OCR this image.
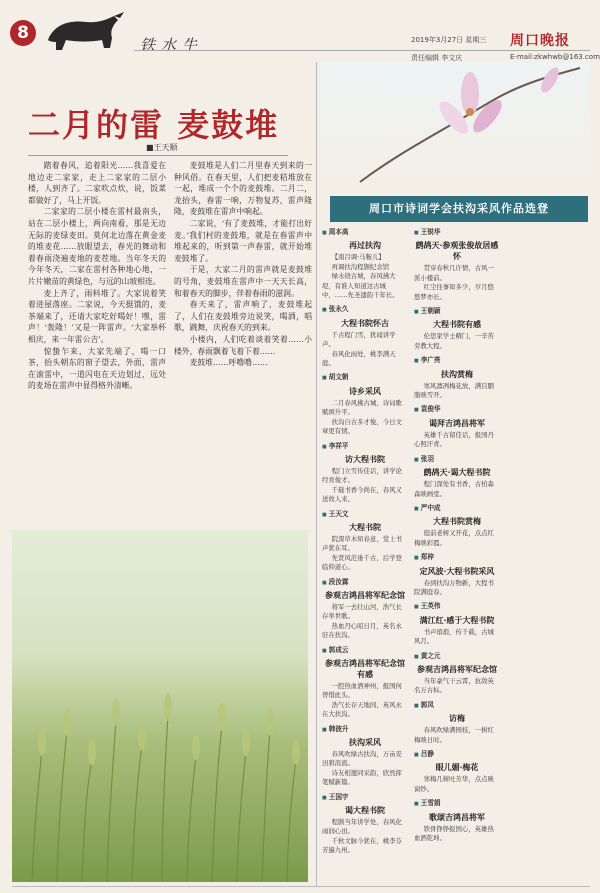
8
铁水牛	2019年3月27日 星期三 周口晚报
责任编辑 李文庆	E-mail:zkwhwb@163.com
二月的雷 麦鼓堆
■王天顺

踏着春风，追着阳光……我喜爱在地边走二家家，走上二家家的二层小楼，人到齐了。二家吹点炊，说，饭菜都做好了，马上开饭。

二家家的二层小楼在雷村最南头，站在二层小楼上，两向南看，那是无边无际的麦绿麦田。莫何北边落在黄金麦的堆麦花……放眼望去，春光的舞动和着春雨浇遍麦地的麦茬地。当年冬天的今年冬天，二家在雷村各种地心地，一片片嫩苗的黄绿色，与远的山坡相连。

麦上齐了，雨料堆了。大家说着笑着进屋落座。二家说，今天挺饿的，麦茶端来了，还请大家吃好喝好！嘿，雷声！‘轰隆！’又是一阵雷声。‘大家举杯相庆，来一年雷公吉’。

惊蛰乍来，大家先端了，喝一口茶，抬头朝东的窗子望去，外面，雷声在滚雷中，一道闪电在天边划过，远处的麦场在雷声中显得格外清晰。

麦鼓堆是人们二月里春天到来的一种风俗。在春天里，人们把麦秸堆放在一起，堆成一个个的麦鼓堆。二月二，龙抬头，春雷一响，万物复苏，雷声隆隆，麦鼓堆在雷声中响起。

二家说，‘有了麦鼓堆，才能打出好麦。’我们村的麦鼓堆，就是在春雷声中堆起来的，听到第一声春雷，就开始堆麦鼓堆了。

于是，大家二月的雷声就是麦鼓堆的号角，麦鼓堆在雷声中一天天长高，和着春天的脚步，伴着春雨的滋润。

春天来了，雷声响了，麦鼓堆起了，人们在麦鼓堆旁边说笑，喝酒，唱歌，跳舞，庆祝春天的到来。

小楼内，人们吃着谈着笑着……小楼外，春雨飘着飞着下着……

麦鼓堆……呼噜噜……

周口市诗词学会扶沟采风作品选登
■ 周本高
再过扶沟
【南吕调·马鞍儿】
再调扶沟程颢纪念馆
绿水绕古城，春风拂大堤，有谁人知道这古城中，……先圣遗韵千年长。
■ 张永久
大程书院怀古
千古程门雪，犹闻讲学声。
春风化雨处，桃李满天庭。
■ 胡文朝
诗乡采风
二月春风拂古城，诗词歌赋颂升平。
扶沟自古多才俊，今日文章更有情。
■ 李祥平
访大程书院
程门立雪传佳话，讲学论经育俊才。
千载书香今尚在，春风又送故人来。
■ 王天文
大程书院
院深草木知春意，堂上书声犹在耳。
先贤风范垂千古，后学登临仰道心。
■ 段汝霖
参观吉鸿昌将军纪念馆
将军一去壮山河，浩气长存举世歌。
热血丹心昭日月，英名永驻在扶沟。
■ 郭成云
参观吉鸿昌将军纪念馆有感
一腔热血洒神州，报国何曾惜此头。
浩气长存天地间，英风永在大扶沟。
■ 韩彼升
扶沟采风
春风吹绿古扶沟，万亩麦田碧浪流。
诗友相邀同采韵，欣然挥笔赋新篇。
■ 王国宇
谒大程书院
程颢当年讲学处，春风化雨润心田。
千秋文脉今犹在，桃李芬芳遍九州。
■ 王锐华
鹧鸪天·参观张俊故居感怀
贯穿春秋几许情，古风一派小楼前。
红尘往事知多少，岁月悠悠梦亦长。
■ 王朝颖
大程书院有感
伦思家学士精门，一辛苦劳教大程。
■ 李广亮
扶沟赏梅
寒风凛冽梅花放，满目胭脂映雪开。
■ 袁俊华
谒拜吉鸿昌将军
英雄千古留佳话，报国丹心照汗青。
■ 张羽
鹧鸪天·谒大程书院
程门深处有书香，古柏森森映画堂。
■ 严中成
大程书院赏梅
庭前老树又开花，点点红梅映彩霞。
■ 郑梓
定风波·大程书院采风
春到扶沟万物新，大程书院满庭春。
■ 王英伟
满江红·感于大程书院
书声琅琅，传千载，古城风月。
■ 黄之元
参观吉鸿昌将军纪念馆
当年豪气干云霄，抗敌英名万古标。
■ 郭凤
访梅
春风吹绿满园枝，一树红梅映日时。
■ 吕静
眼儿媚·梅花
寒梅几树吐芳华，点点映窗纱。
■ 王雪娟
歌颂吉鸿昌将军
铁骨铮铮报国心，英雄热血洒乾坤。
